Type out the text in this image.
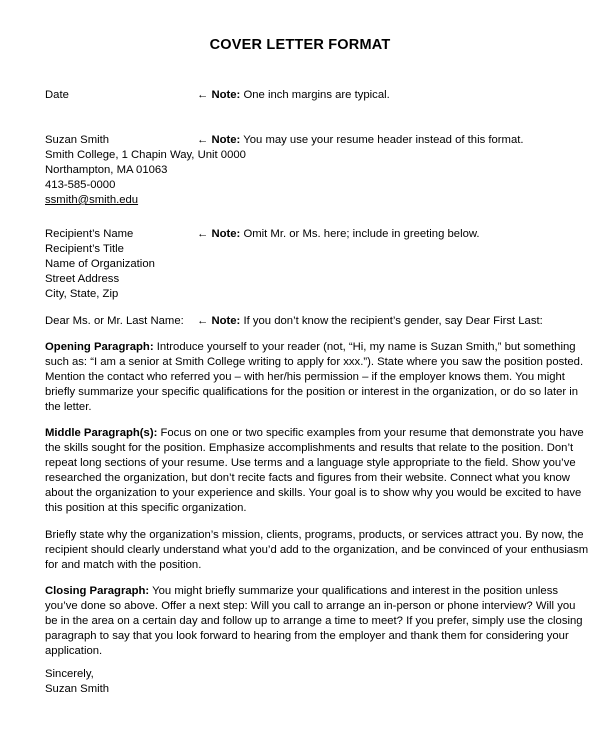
COVER LETTER FORMAT
Date	← Note: One inch margins are typical.
Suzan Smith
Smith College, 1 Chapin Way, Unit 0000
Northampton, MA 01063
413-585-0000
ssmith@smith.edu
← Note: You may use your resume header instead of this format.
Recipient’s Name
Recipient’s Title
Name of Organization
Street Address
City, State, Zip
← Note: Omit Mr. or Ms. here; include in greeting below.
Dear Ms. or Mr. Last Name:	← Note: If you don’t know the recipient’s gender, say Dear First Last:
Opening Paragraph: Introduce yourself to your reader (not, “Hi, my name is Suzan Smith,” but something
such as: “I am a senior at Smith College writing to apply for xxx.”). State where you saw the position posted.
Mention the contact who referred you – with her/his permission – if the employer knows them. You might
briefly summarize your specific qualifications for the position or interest in the organization, or do so later in
the letter.
Middle Paragraph(s): Focus on one or two specific examples from your resume that demonstrate you have
the skills sought for the position. Emphasize accomplishments and results that relate to the position. Don’t
repeat long sections of your resume. Use terms and a language style appropriate to the field. Show you’ve
researched the organization, but don’t recite facts and figures from their website. Connect what you know
about the organization to your experience and skills. Your goal is to show why you would be excited to have
this position at this specific organization.
Briefly state why the organization’s mission, clients, programs, products, or services attract you. By now, the
recipient should clearly understand what you’d add to the organization, and be convinced of your enthusiasm
for and match with the position.
Closing Paragraph: You might briefly summarize your qualifications and interest in the position unless
you’ve done so above. Offer a next step: Will you call to arrange an in-person or phone interview? Will you
be in the area on a certain day and follow up to arrange a time to meet? If you prefer, simply use the closing
paragraph to say that you look forward to hearing from the employer and thank them for considering your
application.
Sincerely,
Suzan Smith
